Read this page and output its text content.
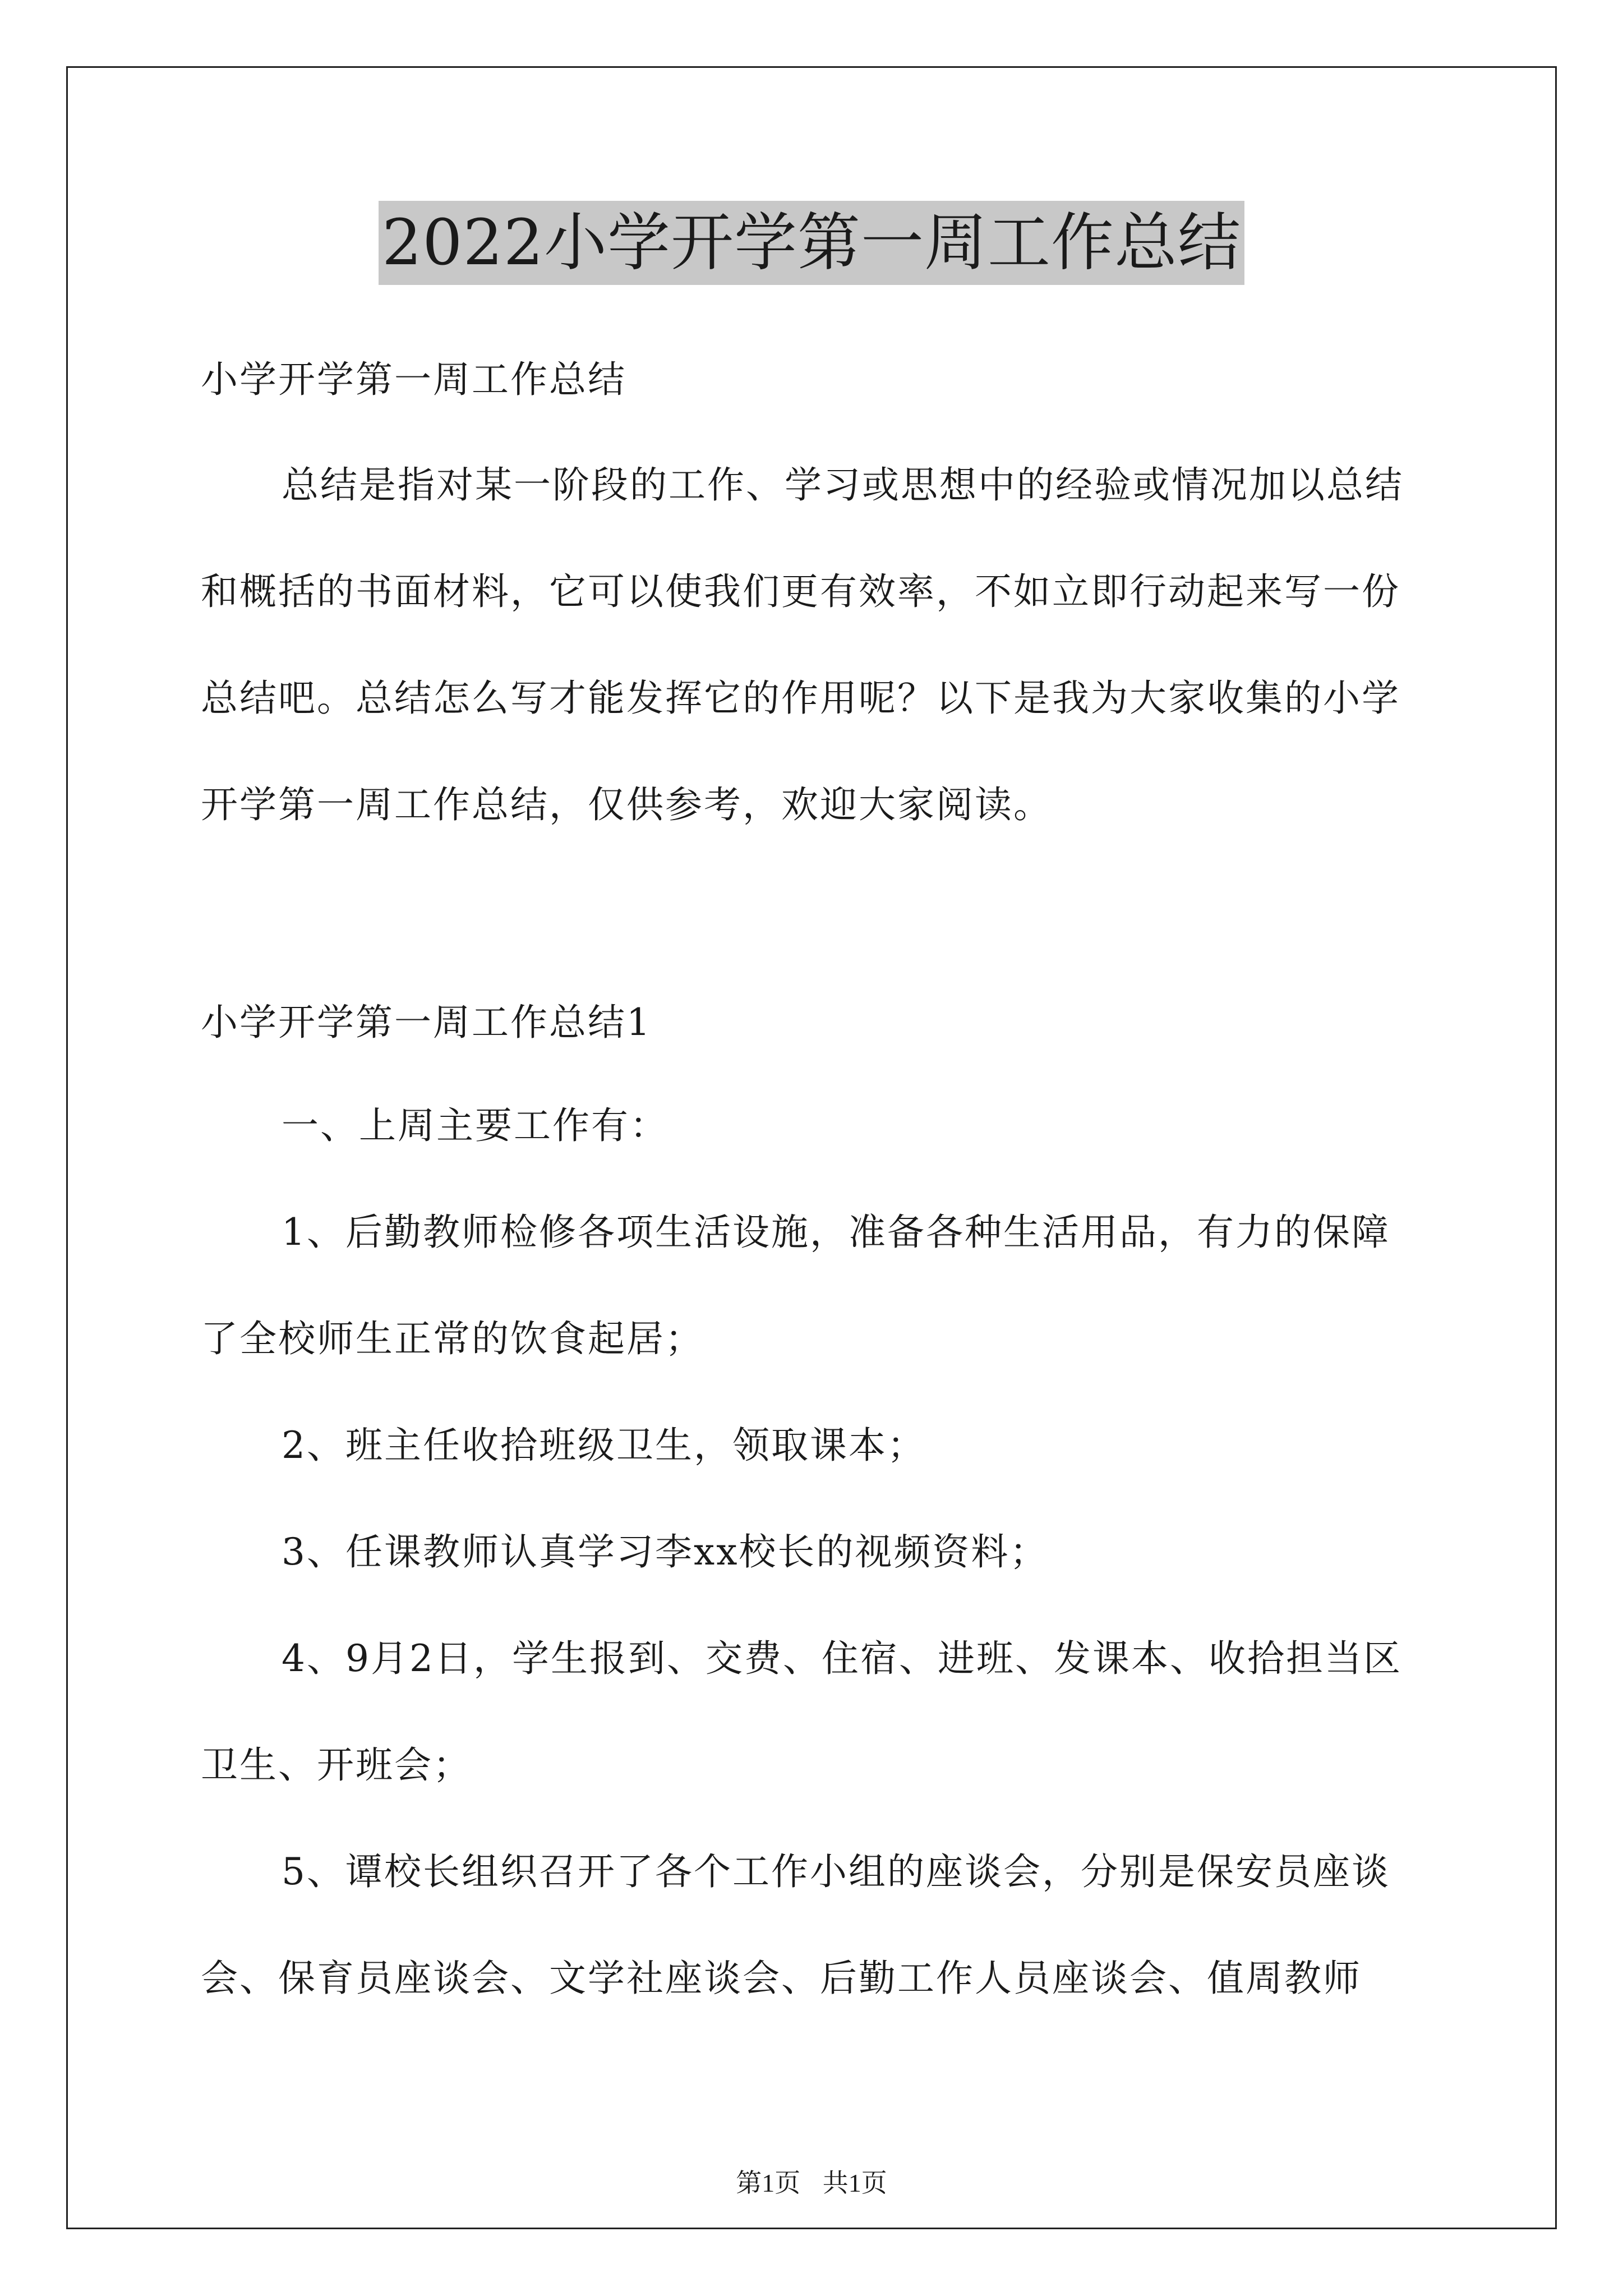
2022小学开学第一周工作总结

小学开学第一周工作总结

总结是指对某一阶段的工作、学习或思想中的经验或情况加以总结和概括的书面材料，它可以使我们更有效率，不如立即行动起来写一份总结吧。总结怎么写才能发挥它的作用呢？以下是我为大家收集的小学开学第一周工作总结，仅供参考，欢迎大家阅读。

小学开学第一周工作总结1

一、上周主要工作有：

1、后勤教师检修各项生活设施，准备各种生活用品，有力的保障了全校师生正常的饮食起居；

2、班主任收拾班级卫生，领取课本；

3、任课教师认真学习李xx校长的视频资料；

4、9月2日，学生报到、交费、住宿、进班、发课本、收拾担当区卫生、开班会；

5、谭校长组织召开了各个工作小组的座谈会，分别是保安员座谈会、保育员座谈会、文学社座谈会、后勤工作人员座谈会、值周教师

第1页 共1页
